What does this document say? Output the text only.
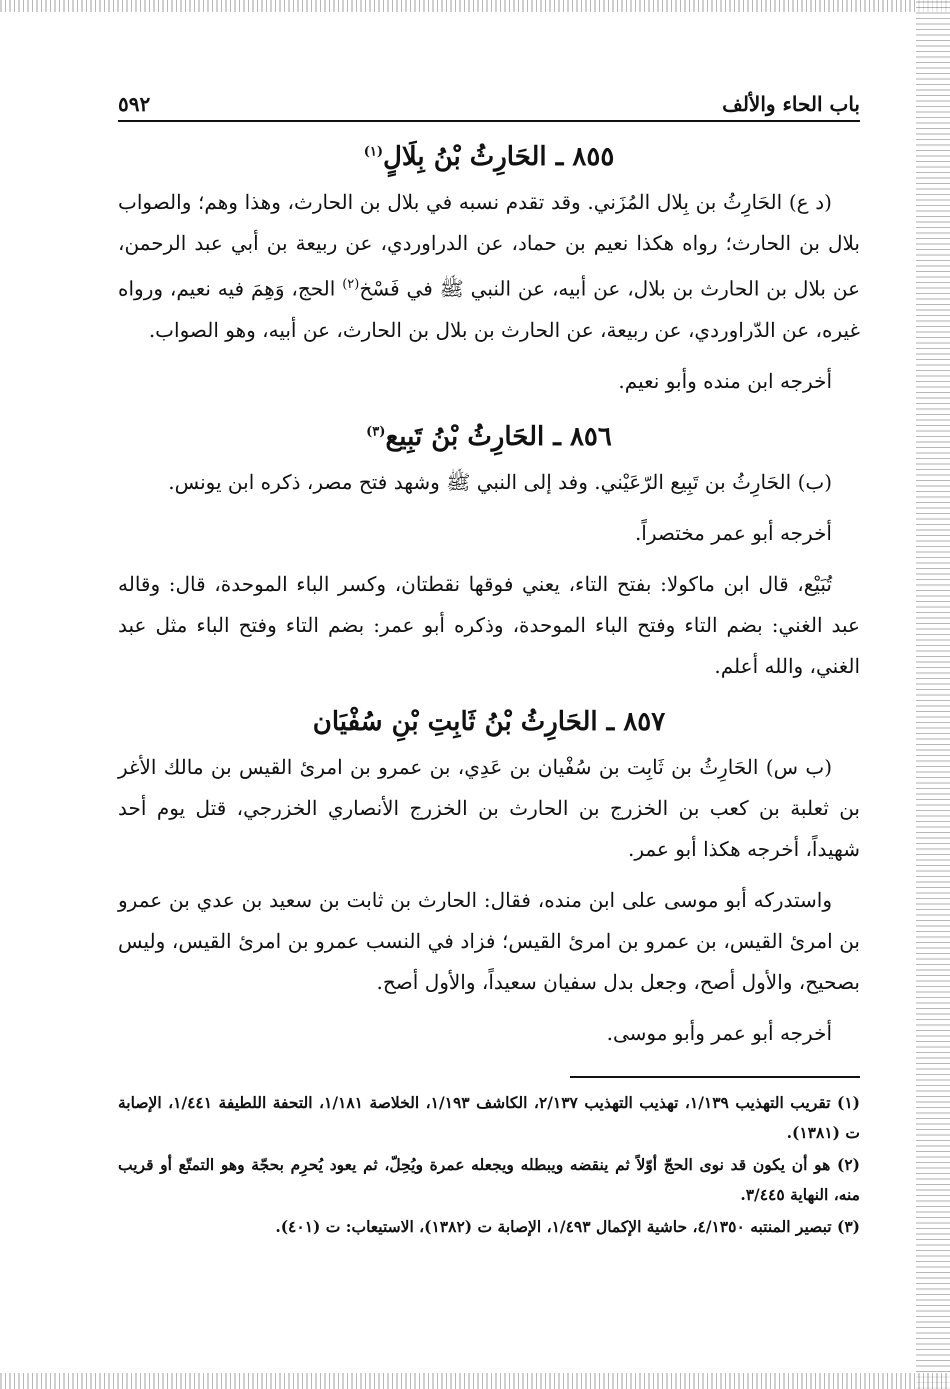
باب الحاء والألف
٥٩٢
٨٥٥ ـ الحَارِثُ بْنُ بِلَالٍ$^{(١)}$

(د ع) الحَارِثُ بن بِلال المُزَني. وقد تقدم نسبه في بلال بن الحارث، وهذا وهم؛ والصواب بلال بن الحارث؛ رواه هكذا نعيم بن حماد، عن الدراوردي، عن ربيعة بن أبي عبد الرحمن، عن بلال بن الحارث بن بلال، عن أبيه، عن النبي ﷺ في فَسْخ$^{(٢)}$ الحج، وَهِمَ فيه نعيم، ورواه غيره، عن الدّراوردي، عن ربيعة، عن الحارث بن بلال بن الحارث، عن أبيه، وهو الصواب.

أخرجه ابن منده وأبو نعيم.

٨٥٦ ـ الحَارِثُ بْنُ تَبِيع$^{(٣)}$

(ب) الحَارِثُ بن تَبِيع الرّعَيْني. وفد إلى النبي ﷺ وشهد فتح مصر، ذكره ابن يونس.

أخرجه أبو عمر مختصراً.

تُبَيْع، قال ابن ماكولا: بفتح التاء، يعني فوقها نقطتان، وكسر الباء الموحدة، قال: وقاله عبد الغني: بضم التاء وفتح الباء الموحدة، وذكره أبو عمر: بضم التاء وفتح الباء مثل عبد الغني، والله أعلم.

٨٥٧ ـ الحَارِثُ بْنُ ثَابِتِ بْنِ سُفْيَان

(ب س) الحَارِثُ بن ثَابِت بن سُفْيان بن عَدِي، بن عمرو بن امرئ القيس بن مالك الأغر بن ثعلبة بن كعب بن الخزرج بن الحارث بن الخزرج الأنصاري الخزرجي، قتل يوم أحد شهيداً، أخرجه هكذا أبو عمر.

واستدركه أبو موسى على ابن منده، فقال: الحارث بن ثابت بن سعيد بن عدي بن عمرو بن امرئ القيس، بن عمرو بن امرئ القيس؛ فزاد في النسب عمرو بن امرئ القيس، وليس بصحيح، والأول أصح، وجعل بدل سفيان سعيداً، والأول أصح.

أخرجه أبو عمر وأبو موسى.

(١) تقريب التهذيب ١/١٣٩، تهذيب التهذيب ٢/١٣٧، الكاشف ١/١٩٣، الخلاصة ١/١٨١، التحفة اللطيفة ١/٤٤١، الإصابة ت (١٣٨١).

(٢) هو أن يكون قد نوى الحجّ أوّلاً ثم ينقضه ويبطله ويجعله عمرة ويُحِلّ، ثم يعود يُحرِم بحجّة وهو التمتّع أو قريب منه، النهاية ٣/٤٤٥.

(٣) تبصير المنتبه ٤/١٣٥٠، حاشية الإكمال ١/٤٩٣، الإصابة ت (١٣٨٢)، الاستيعاب: ت (٤٠١).
